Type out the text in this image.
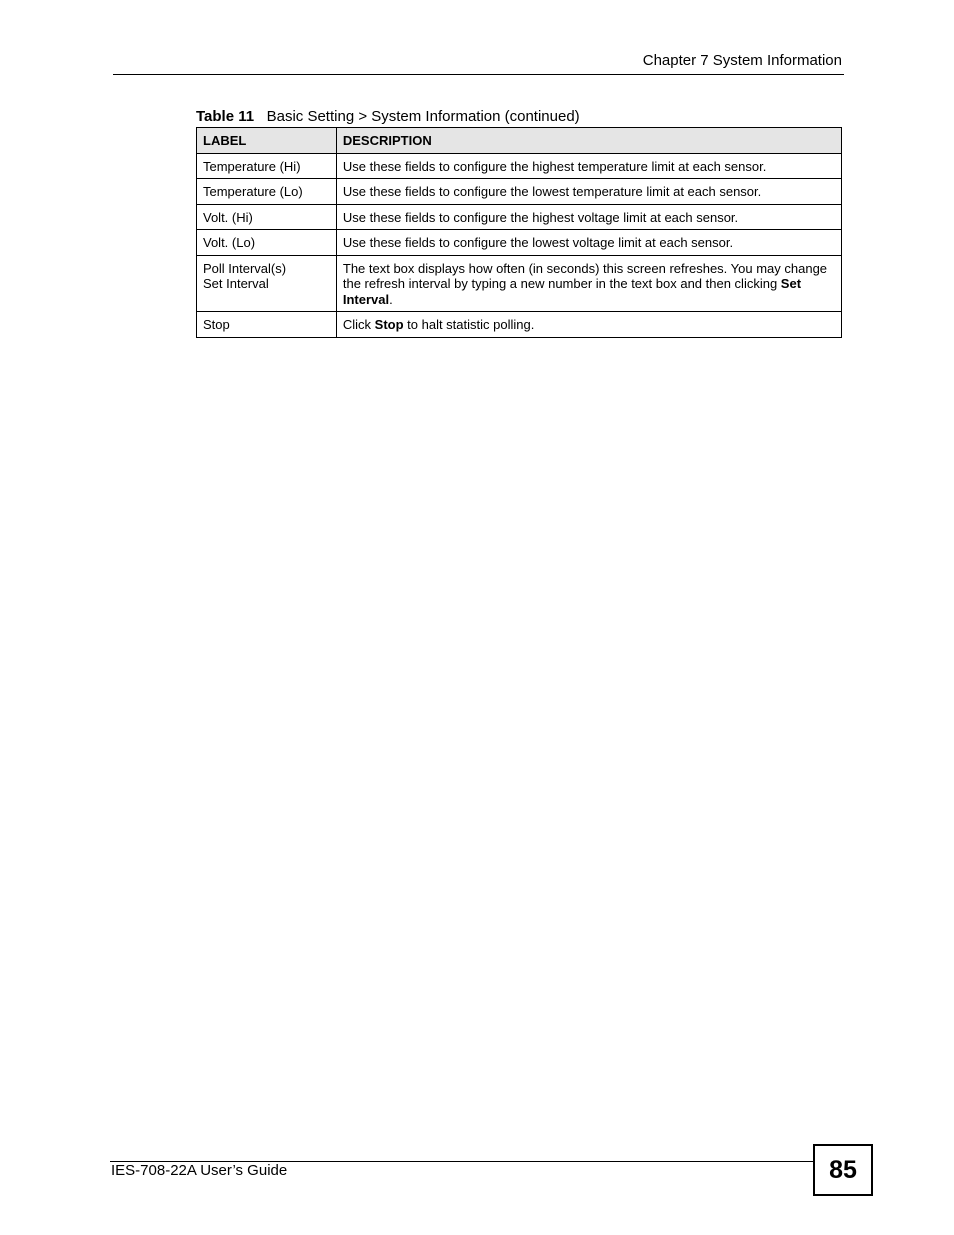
Chapter 7 System Information
Table 11 Basic Setting > System Information (continued)
LABEL	DESCRIPTION
Temperature (Hi)	Use these fields to configure the highest temperature limit at each sensor.
Temperature (Lo)	Use these fields to configure the lowest temperature limit at each sensor.
Volt. (Hi)	Use these fields to configure the highest voltage limit at each sensor.
Volt. (Lo)	Use these fields to configure the lowest voltage limit at each sensor.
Poll Interval(s)
Set Interval	The text box displays how often (in seconds) this screen refreshes. You may change the refresh interval by typing a new number in the text box and then clicking Set Interval.
Stop	Click Stop to halt statistic polling.
IES-708-22A User’s Guide	85
